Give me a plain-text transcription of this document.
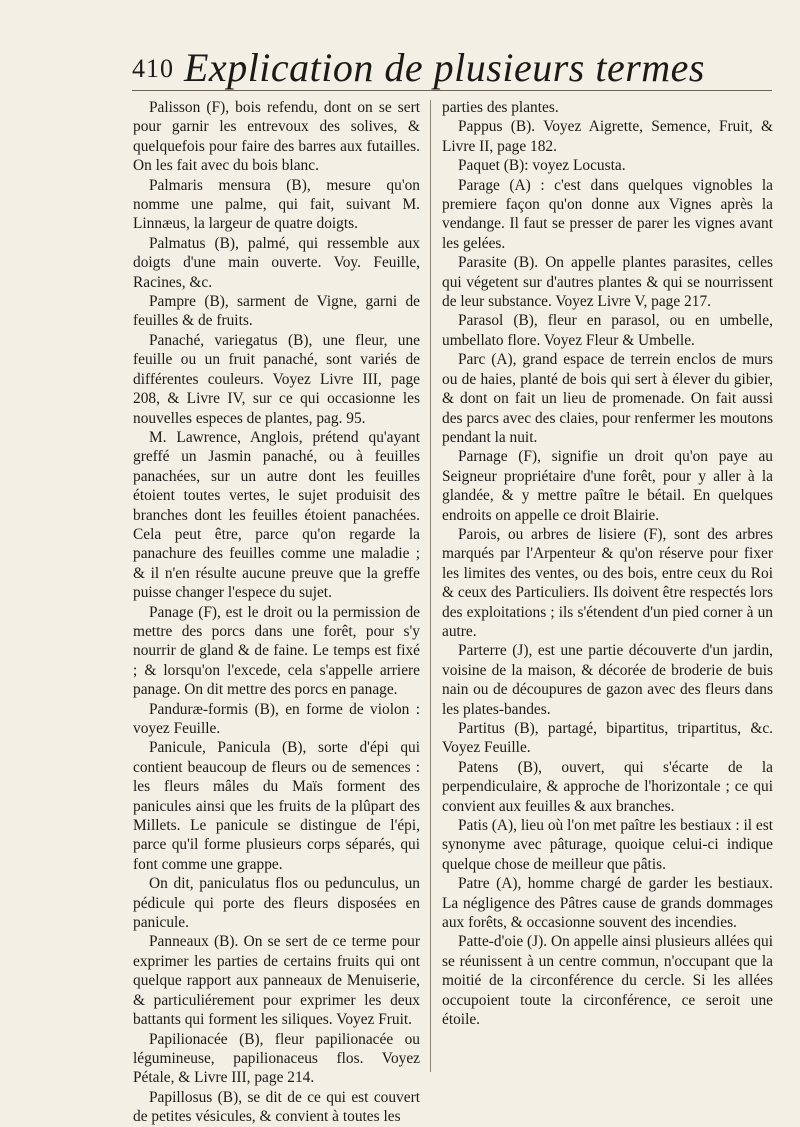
410 Explication de plusieurs termes

Palisson (F), bois refendu, dont on se sert pour garnir les entrevoux des solives, & quelquefois pour faire des barres aux futailles. On les fait avec du bois blanc.

Palmaris mensura (B), mesure qu'on nomme une palme, qui fait, suivant M. Linnæus, la largeur de quatre doigts.

Palmatus (B), palmé, qui ressemble aux doigts d'une main ouverte. Voy. Feuille, Racines, &c.

Pampre (B), sarment de Vigne, garni de feuilles & de fruits.

Panaché, variegatus (B), une fleur, une feuille ou un fruit panaché, sont variés de différentes couleurs. Voyez Livre III, page 208, & Livre IV, sur ce qui occasionne les nouvelles especes de plantes, pag. 95.

M. Lawrence, Anglois, prétend qu'ayant greffé un Jasmin panaché, ou à feuilles panachées, sur un autre dont les feuilles étoient toutes vertes, le sujet produisit des branches dont les feuilles étoient panachées. Cela peut être, parce qu'on regarde la panachure des feuilles comme une maladie ; & il n'en résulte aucune preuve que la greffe puisse changer l'espece du sujet.

Panage (F), est le droit ou la permission de mettre des porcs dans une forêt, pour s'y nourrir de gland & de faine. Le temps est fixé ; & lorsqu'on l'excede, cela s'appelle arriere panage. On dit mettre des porcs en panage.

Panduræ-formis (B), en forme de violon : voyez Feuille.

Panicule, Panicula (B), sorte d'épi qui contient beaucoup de fleurs ou de semences : les fleurs mâles du Maïs forment des panicules ainsi que les fruits de la plûpart des Millets. Le panicule se distingue de l'épi, parce qu'il forme plusieurs corps séparés, qui font comme une grappe.

On dit, paniculatus flos ou pedunculus, un pédicule qui porte des fleurs disposées en panicule.

Panneaux (B). On se sert de ce terme pour exprimer les parties de certains fruits qui ont quelque rapport aux panneaux de Menuiserie, & particuliérement pour exprimer les deux battants qui forment les siliques. Voyez Fruit.

Papilionacée (B), fleur papilionacée ou légumineuse, papilionaceus flos. Voyez Pétale, & Livre III, page 214.

Papillosus (B), se dit de ce qui est couvert de petites vésicules, & convient à toutes les

parties des plantes.

Pappus (B). Voyez Aigrette, Semence, Fruit, & Livre II, page 182.

Paquet (B): voyez Locusta.

Parage (A) : c'est dans quelques vignobles la premiere façon qu'on donne aux Vignes après la vendange. Il faut se presser de parer les vignes avant les gelées.

Parasite (B). On appelle plantes parasites, celles qui végetent sur d'autres plantes & qui se nourrissent de leur substance. Voyez Livre V, page 217.

Parasol (B), fleur en parasol, ou en umbelle, umbellato flore. Voyez Fleur & Umbelle.

Parc (A), grand espace de terrein enclos de murs ou de haies, planté de bois qui sert à élever du gibier, & dont on fait un lieu de promenade. On fait aussi des parcs avec des claies, pour renfermer les moutons pendant la nuit.

Parnage (F), signifie un droit qu'on paye au Seigneur propriétaire d'une forêt, pour y aller à la glandée, & y mettre paître le bétail. En quelques endroits on appelle ce droit Blairie.

Parois, ou arbres de lisiere (F), sont des arbres marqués par l'Arpenteur & qu'on réserve pour fixer les limites des ventes, ou des bois, entre ceux du Roi & ceux des Particuliers. Ils doivent être respectés lors des exploitations ; ils s'étendent d'un pied corner à un autre.

Parterre (J), est une partie découverte d'un jardin, voisine de la maison, & décorée de broderie de buis nain ou de découpures de gazon avec des fleurs dans les plates-bandes.

Partitus (B), partagé, bipartitus, tripartitus, &c. Voyez Feuille.

Patens (B), ouvert, qui s'écarte de la perpendiculaire, & approche de l'horizontale ; ce qui convient aux feuilles & aux branches.

Patis (A), lieu où l'on met paître les bestiaux : il est synonyme avec pâturage, quoique celui-ci indique quelque chose de meilleur que pâtis.

Patre (A), homme chargé de garder les bestiaux. La négligence des Pâtres cause de grands dommages aux forêts, & occasionne souvent des incendies.

Patte-d'oie (J). On appelle ainsi plusieurs allées qui se réunissent à un centre commun, n'occupant que la moitié de la circonférence du cercle. Si les allées occupoient toute la circonférence, ce seroit une étoile.
